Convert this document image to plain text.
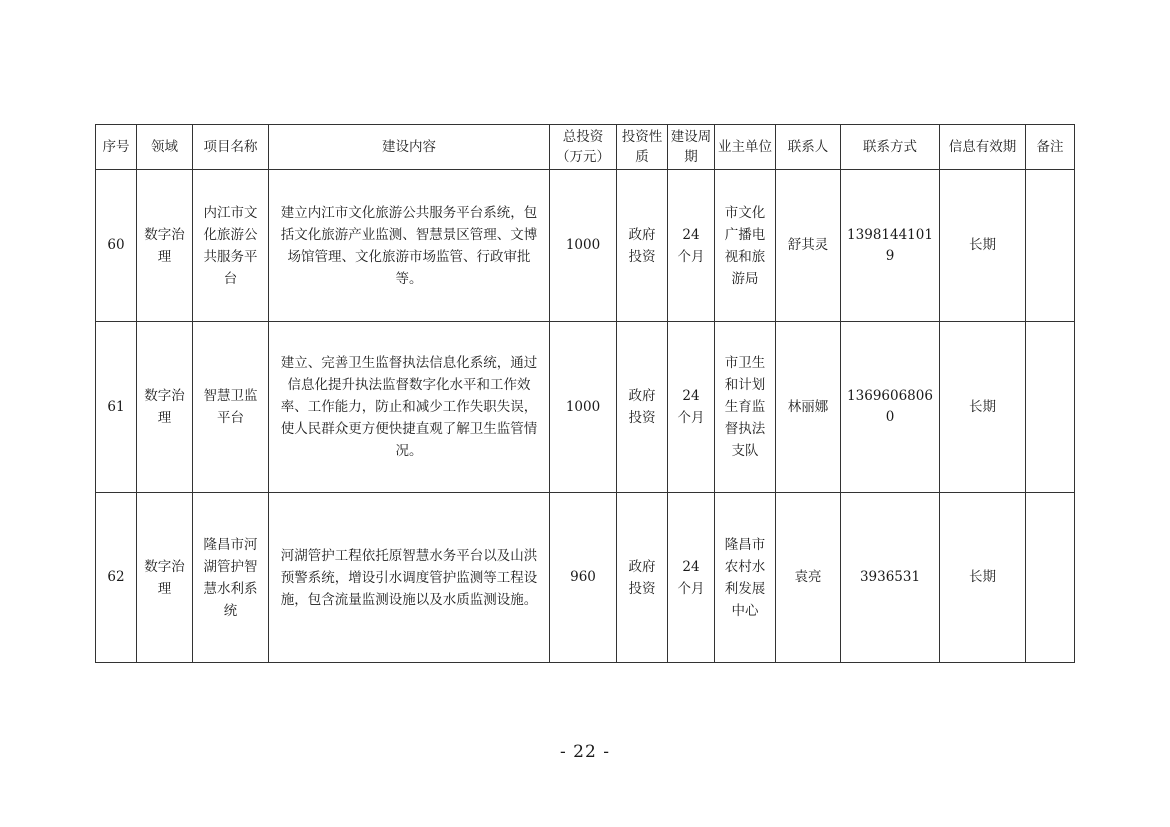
序号	领域	项目名称	建设内容	总投资（万元）	投资性质	建设周期	业主单位	联系人	联系方式	信息有效期	备注
60	数字治理	内江市文化旅游公共服务平台	建立内江市文化旅游公共服务平台系统，包括文化旅游产业监测、智慧景区管理、文博场馆管理、文化旅游市场监管、行政审批等。	1000	政府投资	24 个月	市文化广播电视和旅游局	舒其灵	13981441019	长期	
61	数字治理	智慧卫监平台	建立、完善卫生监督执法信息化系统，通过信息化提升执法监督数字化水平和工作效率、工作能力，防止和减少工作失职失误，使人民群众更方便快捷直观了解卫生监管情况。	1000	政府投资	24 个月	市卫生和计划生育监督执法支队	林丽娜	13696068060	长期	
62	数字治理	隆昌市河湖管护智慧水利系统	河湖管护工程依托原智慧水务平台以及山洪预警系统，增设引水调度管护监测等工程设施，包含流量监测设施以及水质监测设施。	960	政府投资	24 个月	隆昌市农村水利发展中心	袁亮	3936531	长期	
- 22 -
